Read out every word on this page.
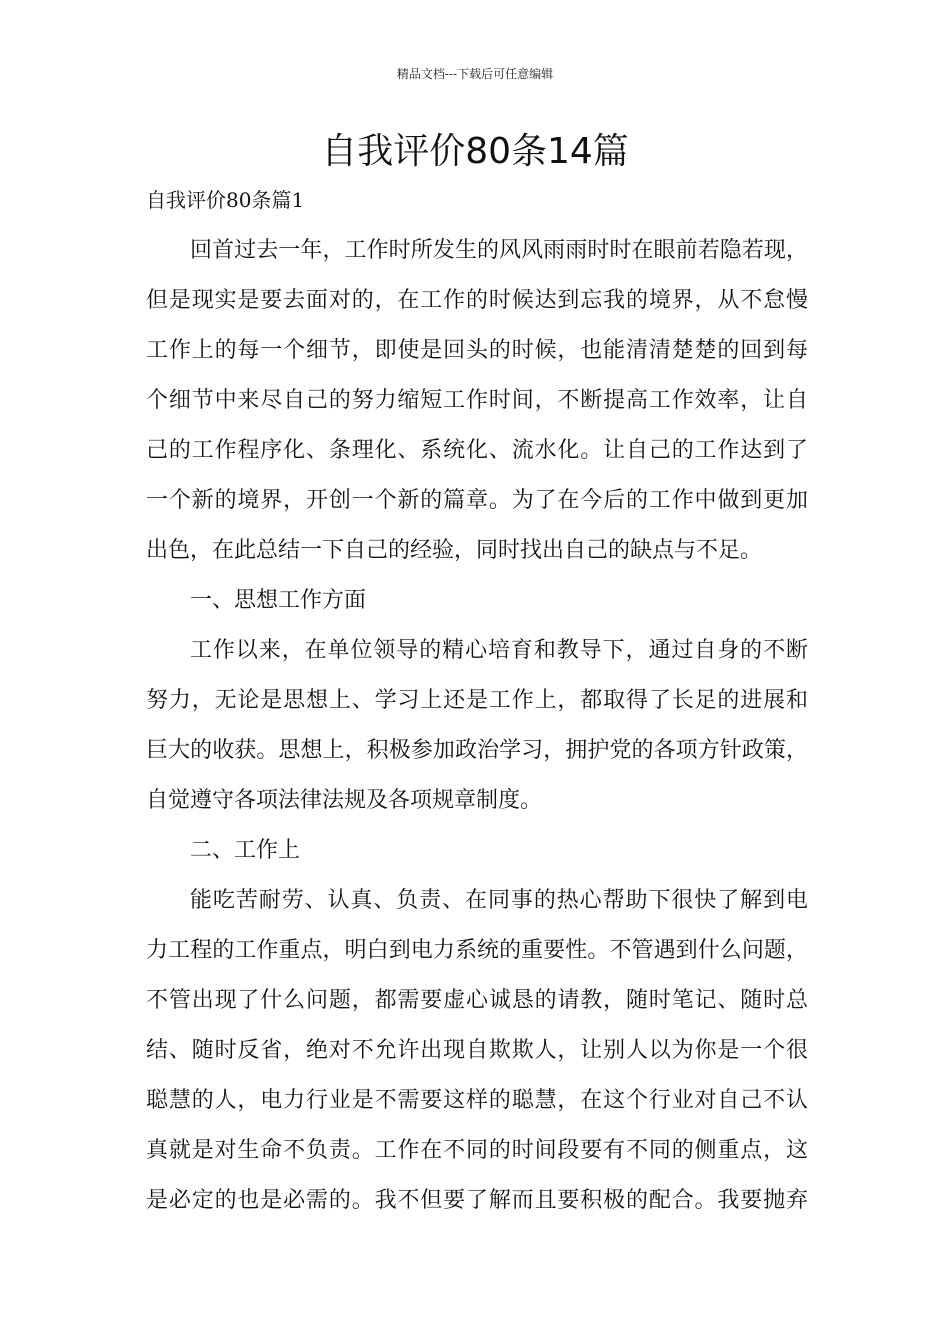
精品文档---下载后可任意编辑
自我评价80条14篇

自我评价80条篇1

回首过去一年，工作时所发生的风风雨雨时时在眼前若隐若现，
但是现实是要去面对的，在工作的时候达到忘我的境界，从不怠慢
工作上的每一个细节，即使是回头的时候，也能清清楚楚的回到每
个细节中来尽自己的努力缩短工作时间，不断提高工作效率，让自
己的工作程序化、条理化、系统化、流水化。让自己的工作达到了
一个新的境界，开创一个新的篇章。为了在今后的工作中做到更加
出色，在此总结一下自己的经验，同时找出自己的缺点与不足。
一、思想工作方面
工作以来，在单位领导的精心培育和教导下，通过自身的不断
努力，无论是思想上、学习上还是工作上，都取得了长足的进展和
巨大的收获。思想上，积极参加政治学习，拥护党的各项方针政策，
自觉遵守各项法律法规及各项规章制度。
二、工作上
能吃苦耐劳、认真、负责、在同事的热心帮助下很快了解到电
力工程的工作重点，明白到电力系统的重要性。不管遇到什么问题，
不管出现了什么问题，都需要虚心诚恳的请教，随时笔记、随时总
结、随时反省，绝对不允许出现自欺欺人，让别人以为你是一个很
聪慧的人，电力行业是不需要这样的聪慧，在这个行业对自己不认
真就是对生命不负责。工作在不同的时间段要有不同的侧重点，这
是必定的也是必需的。我不但要了解而且要积极的配合。我要抛弃
